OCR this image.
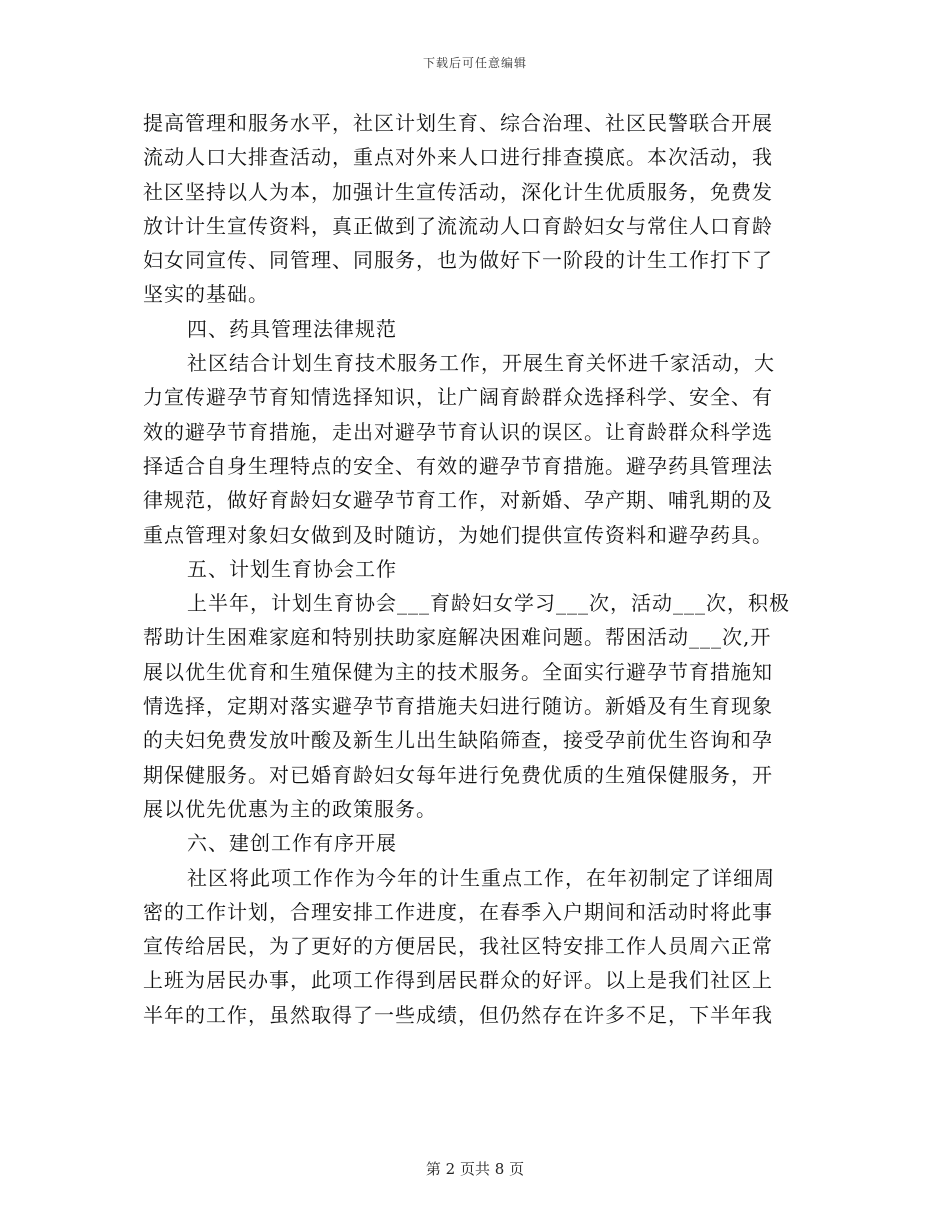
下载后可任意编辑
提高管理和服务水平，社区计划生育、综合治理、社区民警联合开展
流动人口大排查活动，重点对外来人口进行排查摸底。本次活动，我
社区坚持以人为本，加强计生宣传活动，深化计生优质服务，免费发
放计计生宣传资料，真正做到了流流动人口育龄妇女与常住人口育龄
妇女同宣传、同管理、同服务，也为做好下一阶段的计生工作打下了
坚实的基础。
四、药具管理法律规范
社区结合计划生育技术服务工作，开展生育关怀进千家活动，大
力宣传避孕节育知情选择知识，让广阔育龄群众选择科学、安全、有
效的避孕节育措施，走出对避孕节育认识的误区。让育龄群众科学选
择适合自身生理特点的安全、有效的避孕节育措施。避孕药具管理法
律规范，做好育龄妇女避孕节育工作，对新婚、孕产期、哺乳期的及
重点管理对象妇女做到及时随访，为她们提供宣传资料和避孕药具。
五、计划生育协会工作
上半年，计划生育协会___育龄妇女学习___次，活动___次，积极
帮助计生困难家庭和特别扶助家庭解决困难问题。帮困活动___次,开
展以优生优育和生殖保健为主的技术服务。全面实行避孕节育措施知
情选择，定期对落实避孕节育措施夫妇进行随访。新婚及有生育现象
的夫妇免费发放叶酸及新生儿出生缺陷筛查，接受孕前优生咨询和孕
期保健服务。对已婚育龄妇女每年进行免费优质的生殖保健服务，开
展以优先优惠为主的政策服务。
六、建创工作有序开展
社区将此项工作作为今年的计生重点工作，在年初制定了详细周
密的工作计划，合理安排工作进度，在春季入户期间和活动时将此事
宣传给居民，为了更好的方便居民，我社区特安排工作人员周六正常
上班为居民办事，此项工作得到居民群众的好评。以上是我们社区上
半年的工作，虽然取得了一些成绩，但仍然存在许多不足，下半年我
第 2 页共 8 页
